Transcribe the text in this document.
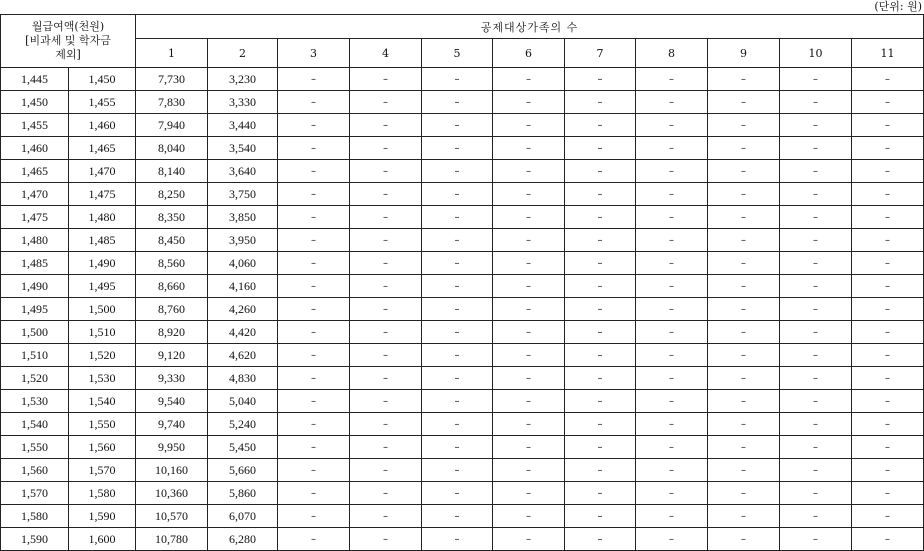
(단위: 원)
월급여액(천원)
[비과세 및 학자금
제외]		공제대상가족의 수										
		1	2	3	4	5	6	7	8	9	10	11
1,445	1,450	7,730	3,230	–	–	–	–	–	–	–	–	–
1,450	1,455	7,830	3,330	–	–	–	–	–	–	–	–	–
1,455	1,460	7,940	3,440	–	–	–	–	–	–	–	–	–
1,460	1,465	8,040	3,540	–	–	–	–	–	–	–	–	–
1,465	1,470	8,140	3,640	–	–	–	–	–	–	–	–	–
1,470	1,475	8,250	3,750	–	–	–	–	–	–	–	–	–
1,475	1,480	8,350	3,850	–	–	–	–	–	–	–	–	–
1,480	1,485	8,450	3,950	–	–	–	–	–	–	–	–	–
1,485	1,490	8,560	4,060	–	–	–	–	–	–	–	–	–
1,490	1,495	8,660	4,160	–	–	–	–	–	–	–	–	–
1,495	1,500	8,760	4,260	–	–	–	–	–	–	–	–	–
1,500	1,510	8,920	4,420	–	–	–	–	–	–	–	–	–
1,510	1,520	9,120	4,620	–	–	–	–	–	–	–	–	–
1,520	1,530	9,330	4,830	–	–	–	–	–	–	–	–	–
1,530	1,540	9,540	5,040	–	–	–	–	–	–	–	–	–
1,540	1,550	9,740	5,240	–	–	–	–	–	–	–	–	–
1,550	1,560	9,950	5,450	–	–	–	–	–	–	–	–	–
1,560	1,570	10,160	5,660	–	–	–	–	–	–	–	–	–
1,570	1,580	10,360	5,860	–	–	–	–	–	–	–	–	–
1,580	1,590	10,570	6,070	–	–	–	–	–	–	–	–	–
1,590	1,600	10,780	6,280	–	–	–	–	–	–	–	–	–
